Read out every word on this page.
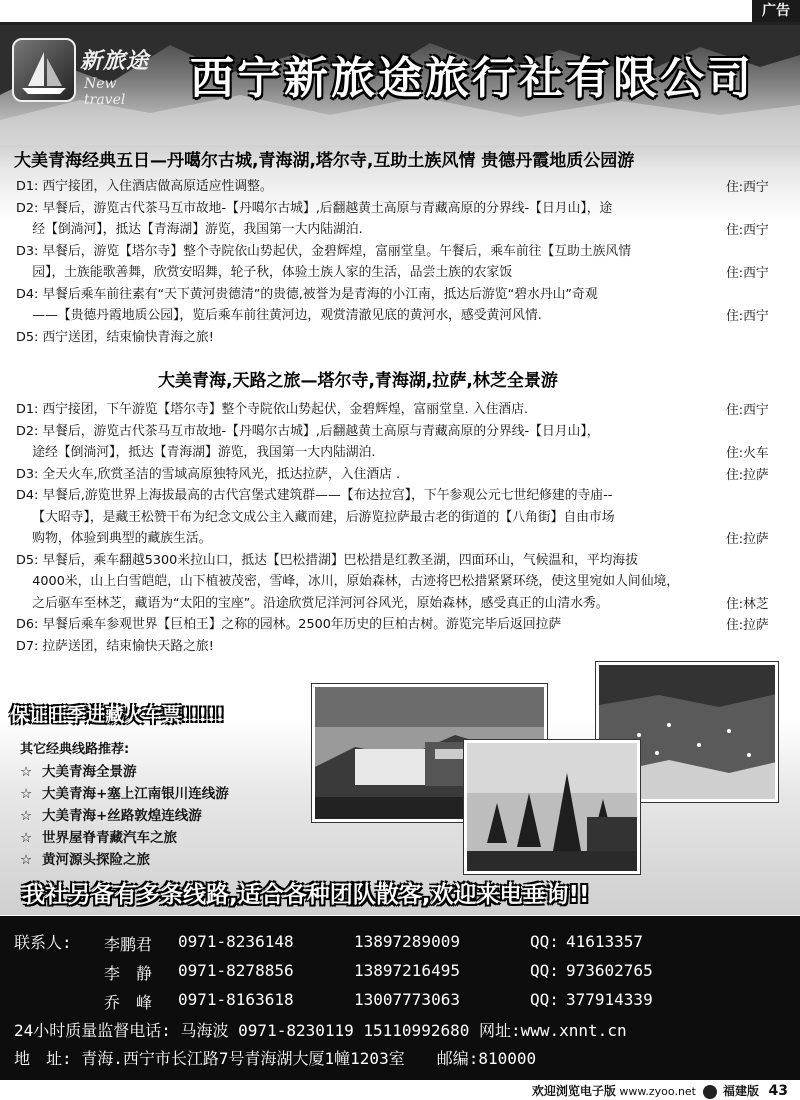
广告
新旅途
New travel	西宁新旅途旅行社有限公司
大美青海经典五日—丹噶尔古城,青海湖,塔尔寺,互助土族风情 贵德丹霞地质公园游
D1: 西宁接团，入住酒店做高原适应性调整。	住:西宁
D2: 早餐后，游览古代茶马互市故地-【丹噶尔古城】,后翻越黄土高原与青藏高原的分界线-【日月山】，途
经【倒淌河】，抵达【青海湖】游览，我国第一大内陆湖泊.	住:西宁
D3: 早餐后，游览【塔尔寺】整个寺院依山势起伏，金碧辉煌，富丽堂皇。午餐后，乘车前往【互助土族风情
园】，土族能歌善舞，欣赏安昭舞，轮子秋，体验土族人家的生活，品尝土族的农家饭	住:西宁
D4: 早餐后乘车前往素有“天下黄河贵德清”的贵德,被誉为是青海的小江南，抵达后游览“碧水丹山”奇观
——【贵德丹霞地质公园】，览后乘车前往黄河边，观赏清澈见底的黄河水，感受黄河风情.	住:西宁
D5: 西宁送团，结束愉快青海之旅!
大美青海,天路之旅—塔尔寺,青海湖,拉萨,林芝全景游
D1: 西宁接团，下午游览【塔尔寺】整个寺院依山势起伏，金碧辉煌，富丽堂皇. 入住酒店.	住:西宁
D2: 早餐后，游览古代茶马互市故地-【丹噶尔古城】,后翻越黄土高原与青藏高原的分界线-【日月山】，
途经【倒淌河】，抵达【青海湖】游览，我国第一大内陆湖泊.	住:火车
D3: 全天火车,欣赏圣洁的雪域高原独特风光，抵达拉萨，入住酒店 .	住:拉萨
D4: 早餐后,游览世界上海拔最高的古代宫堡式建筑群——【布达拉宫】，下午参观公元七世纪修建的寺庙--
【大昭寺】，是藏王松赞干布为纪念文成公主入藏而建，后游览拉萨最古老的街道的【八角街】自由市场
购物，体验到典型的藏族生活。	住:拉萨
D5: 早餐后，乘车翻越5300米拉山口，抵达【巴松措湖】巴松措是红教圣湖，四面环山，气候温和，平均海拔
4000米，山上白雪皑皑，山下植被茂密，雪峰，冰川，原始森林，古迹将巴松措紧紧环绕，使这里宛如人间仙境，
之后驱车至林芝，藏语为“太阳的宝座”。沿途欣赏尼洋河河谷风光，原始森林，感受真正的山清水秀。	住:林芝
D6: 早餐后乘车参观世界【巨柏王】之称的园林。2500年历史的巨柏古树。游览完毕后返回拉萨	住:拉萨
D7: 拉萨送团，结束愉快天路之旅!
保证旺季进藏火车票!!!!!
其它经典线路推荐:
☆ 大美青海全景游
☆ 大美青海+塞上江南银川连线游
☆ 大美青海+丝路敦煌连线游
☆ 世界屋脊青藏汽车之旅
☆ 黄河源头探险之旅
我社另备有多条线路,适合各种团队散客,欢迎来电垂询!!
联系人: 李鹏君 0971-8236148	13897289009	QQ: 41613357
李　静 0971-8278856	13897216495	QQ: 973602765
乔　峰 0971-8163618	13007773063	QQ: 377914339
24小时质量监督电话: 马海波 0971-8230119 15110992680 网址:www.xnnt.cn
地　址: 青海.西宁市长江路7号青海湖大厦1幢1203室　　邮编:810000
欢迎浏览电子版 www.zyoo.net 福建版 43
